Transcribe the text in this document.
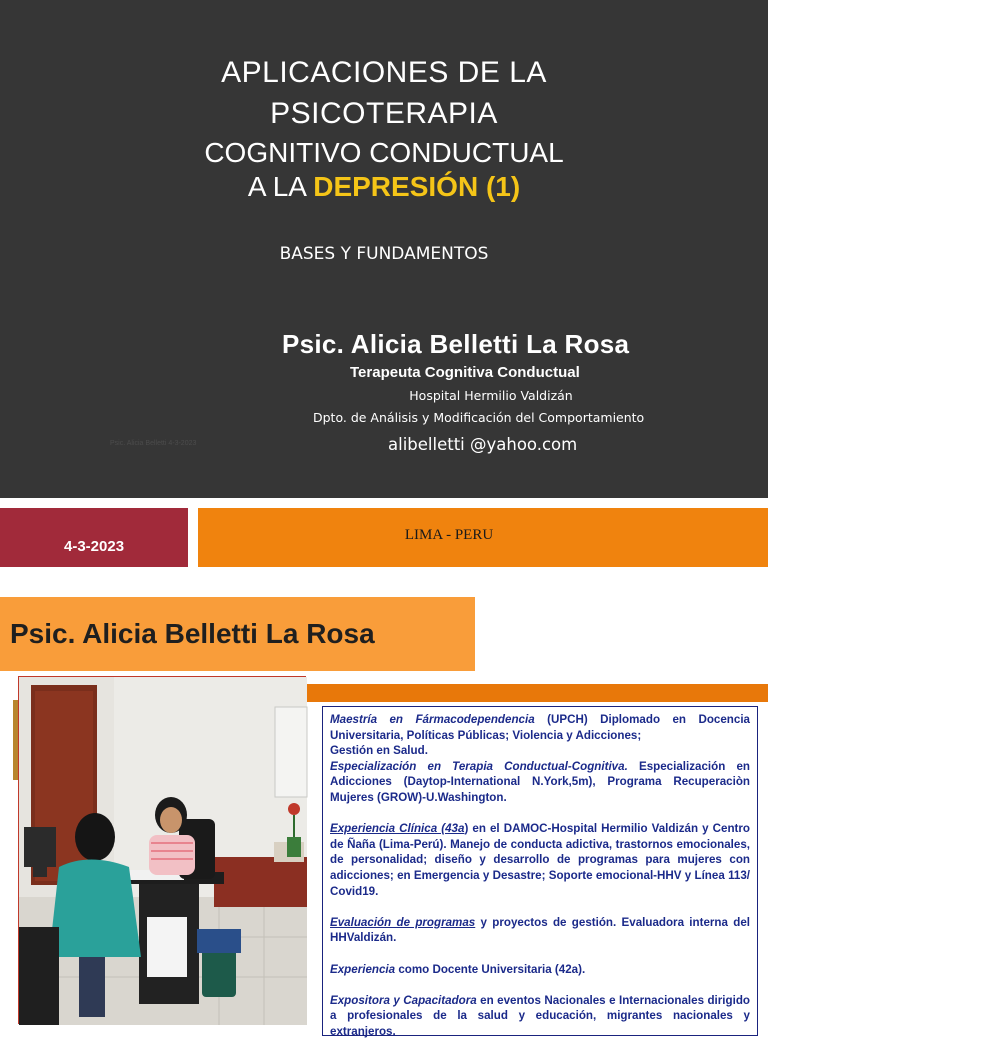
APLICACIONES DE LA
PSICOTERAPIA
COGNITIVO CONDUCTUAL
A LA DEPRESIÓN (1)
BASES Y FUNDAMENTOS
Psic. Alicia Belletti La Rosa
Terapeuta Cognitiva Conductual
Hospital Hermilio Valdizán
Dpto. de Análisis y Modificación del Comportamiento
alibelletti @yahoo.com
Psic. Alicia Belletti 4-3-2023
4-3-2023
LIMA - PERU
Psic. Alicia Belletti La Rosa

Maestría en Fármacodependencia (UPCH) Diplomado en Docencia Universitaria, Políticas Públicas; Violencia y Adicciones;
Gestión en Salud.

Especialización en Terapia Conductual-Cognitiva. Especialización en Adicciones (Daytop-International N.York,5m), Programa Recuperaciòn Mujeres (GROW)-U.Washington.

Experiencia Clínica (43a) en el DAMOC-Hospital Hermilio Valdizán y Centro de Ñaña (Lima-Perú). Manejo de conducta adictiva, trastornos emocionales, de personalidad; diseño y desarrollo de programas para mujeres con adicciones; en Emergencia y Desastre; Soporte emocional-HHV y Línea 113/ Covid19.

Evaluación de programas y proyectos de gestión. Evaluadora interna del HHValdizán.

Experiencia como Docente Universitaria (42a).

Expositora y Capacitadora en eventos Nacionales e Internacionales dirigido a profesionales de la salud y educación, migrantes nacionales y extranjeros.
